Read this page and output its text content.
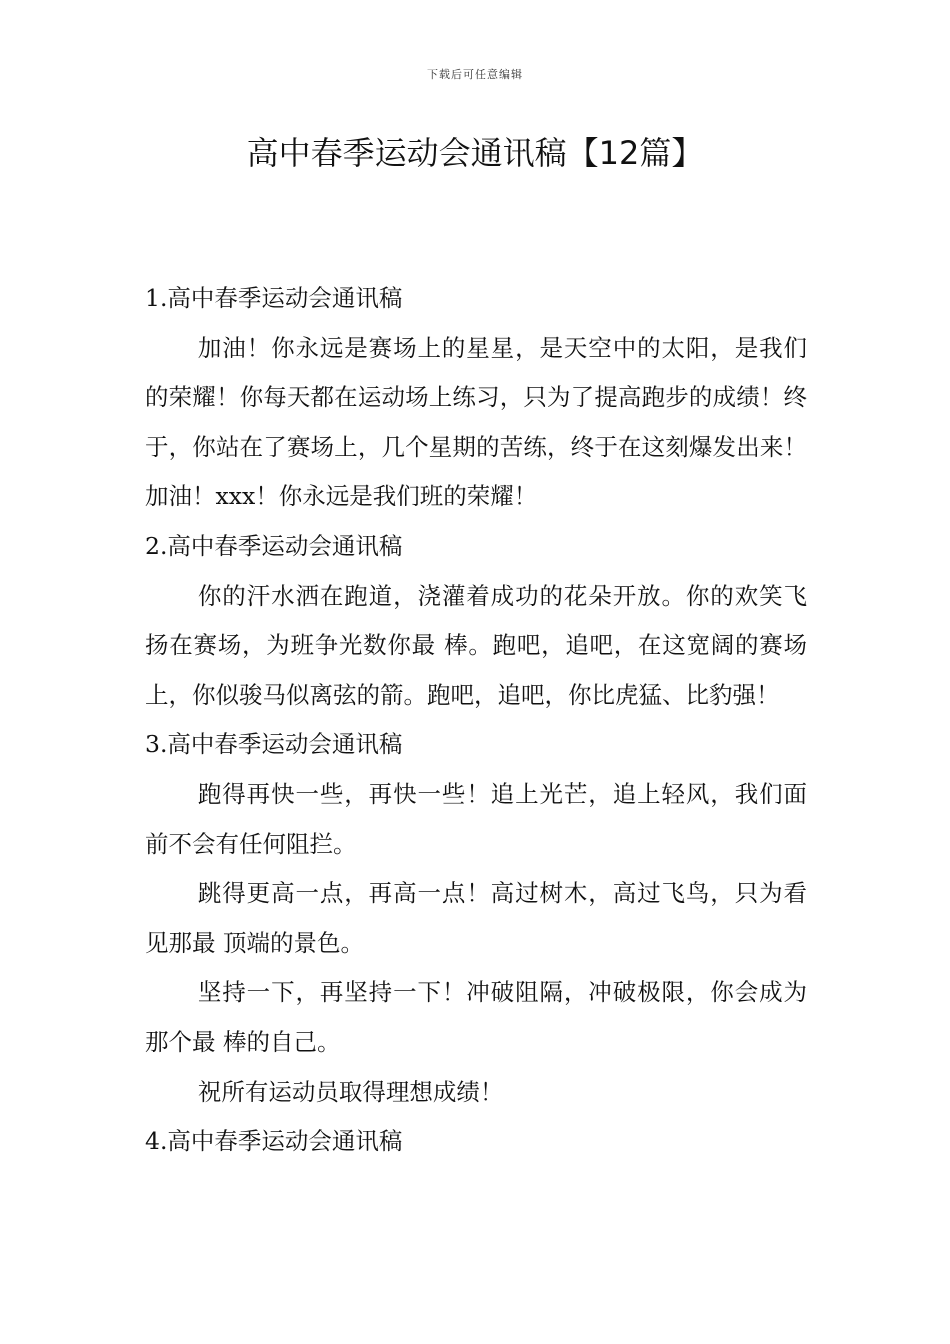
下载后可任意编辑
高中春季运动会通讯稿【12篇】
1.高中春季运动会通讯稿

加油！你永远是赛场上的星星，是天空中的太阳，是我们的荣耀！你每天都在运动场上练习，只为了提高跑步的成绩！终于，你站在了赛场上，几个星期的苦练，终于在这刻爆发出来！加油！xxx！你永远是我们班的荣耀！

2.高中春季运动会通讯稿

你的汗水洒在跑道，浇灌着成功的花朵开放。你的欢笑飞扬在赛场，为班争光数你最 棒。跑吧，追吧，在这宽阔的赛场上，你似骏马似离弦的箭。跑吧，追吧，你比虎猛、比豹强！

3.高中春季运动会通讯稿

跑得再快一些，再快一些！追上光芒，追上轻风，我们面前不会有任何阻拦。

跳得更高一点，再高一点！高过树木，高过飞鸟，只为看见那最 顶端的景色。

坚持一下，再坚持一下！冲破阻隔，冲破极限，你会成为那个最 棒的自己。

祝所有运动员取得理想成绩！

4.高中春季运动会通讯稿
